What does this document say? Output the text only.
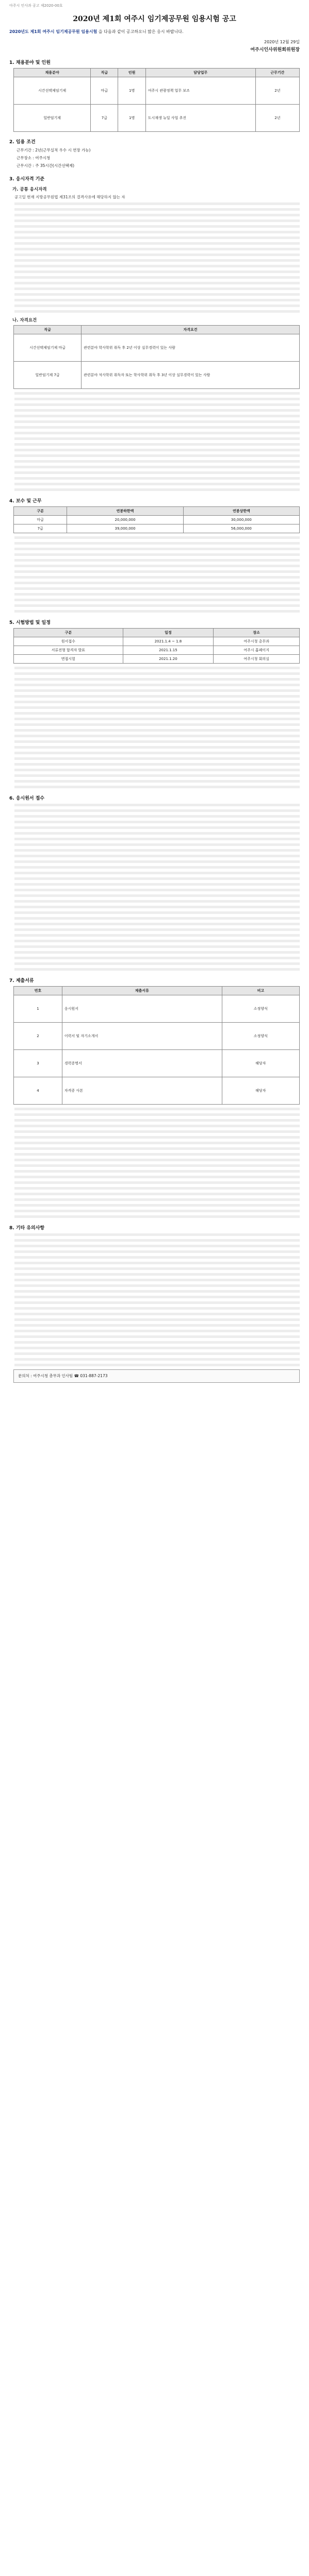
아주시 인사과 공고 제2020-00호

2020년 제1회 여주시 임기제공무원 임용시험 공고

2020년도 제1회 여주시 임기제공무원 임용시험 을 다음과 같이 공고하오니 많은 응시 바랍니다.

2020년 12월 29일

여주시인사위원회위원장

1. 채용분야 및 인원
채용분야	직급	인원	담당업무	근무기간
시간선택제임기제	마급	1명	여주시 관광정책 업무 보조	2년
일반임기제	7급	1명	도시재생 뉴딜 사업 추진	2년
2. 임용 조건

근무기간 : 2년(근무실적 우수 시 연장 가능)

근무장소 : 여주시청

근무시간 : 주 35시간(시간선택제)

3. 응시자격 기준
가. 공통 응시자격

공고일 현재 지방공무원법 제31조의 결격사유에 해당하지 않는 자

나. 자격요건
직급	자격요건
시간선택제임기제 마급	관련분야 학사학위 취득 후 2년 이상 실무경력이 있는 사람
일반임기제 7급	관련분야 석사학위 취득자 또는 학사학위 취득 후 3년 이상 실무경력이 있는 사람
4. 보수 및 근무
구분	연봉하한액	연봉상한액
마급	20,000,000	30,000,000
7급	39,000,000	56,000,000
5. 시험방법 및 일정
구분	일정	장소
원서접수	2021.1.4 ~ 1.8	여주시청 총무과
서류전형 합격자 발표	2021.1.15	여주시 홈페이지
면접시험	2021.1.20	여주시청 회의실
6. 응시원서 접수
7. 제출서류
번호	제출서류	비고
1	응시원서	소정양식
2	이력서 및 자기소개서	소정양식
3	경력증명서	해당자
4	자격증 사본	해당자
8. 기타 유의사항
문의처 : 여주시청 총무과 인사팀 ☎ 031-887-2173
